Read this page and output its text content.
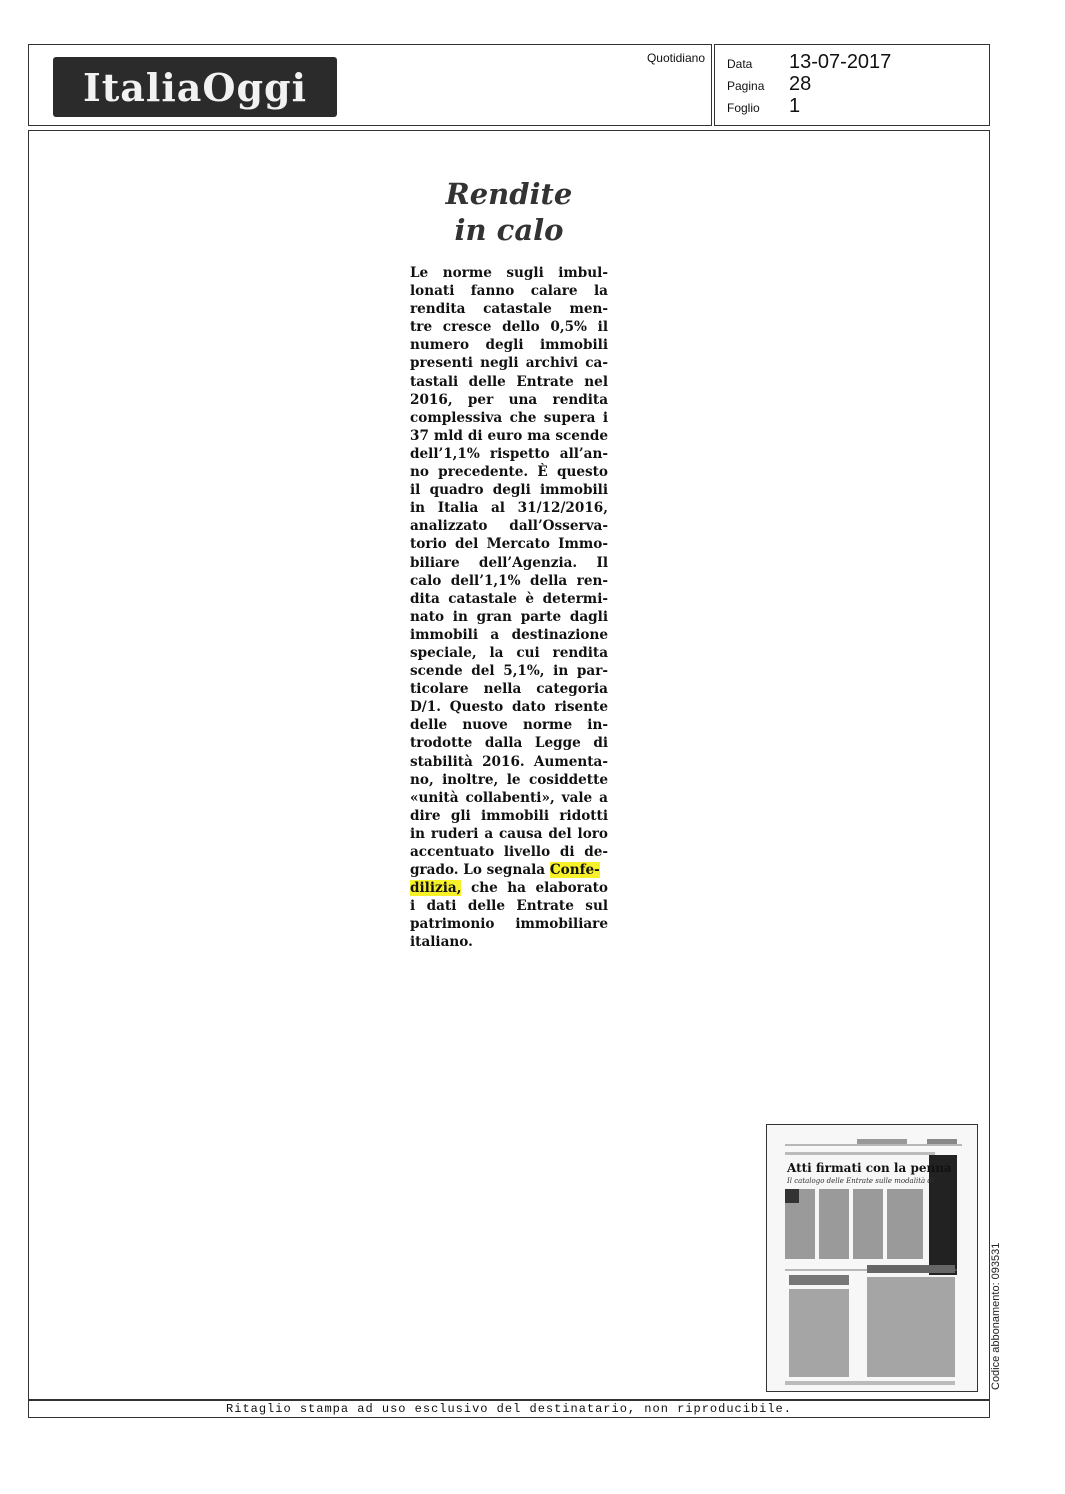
ItaliaOggi
Quotidiano Data	13-07-2017
Pagina	28
Foglio	1
Rendite
in calo
Le norme sugli imbul-
lonati fanno calare la
rendita catastale men-
tre cresce dello 0,5% il
numero degli immobili
presenti negli archivi ca-
tastali delle Entrate nel
2016, per una rendita
complessiva che supera i
37 mld di euro ma scende
dell’1,1% rispetto all’an-
no precedente. È questo
il quadro degli immobili
in Italia al 31/12/2016,
analizzato dall’Osserva-
torio del Mercato Immo-
biliare dell’Agenzia. Il
calo dell’1,1% della ren-
dita catastale è determi-
nato in gran parte dagli
immobili a destinazione
speciale, la cui rendita
scende del 5,1%, in par-
ticolare nella categoria
D/1. Questo dato risente
delle nuove norme in-
trodotte dalla Legge di
stabilità 2016. Aumenta-
no, inoltre, le cosiddette
«unità collabenti», vale a
dire gli immobili ridotti
in ruderi a causa del loro
accentuato livello di de-
grado. Lo segnala Confe-
dilizia, che ha elaborato
i dati delle Entrate sul
patrimonio immobiliare
italiano.
Atti firmati con la penna
Il catalogo delle Entrate sulle modalità di
Codice abbonamento: 093531
Ritaglio stampa ad uso esclusivo del destinatario, non riproducibile.
